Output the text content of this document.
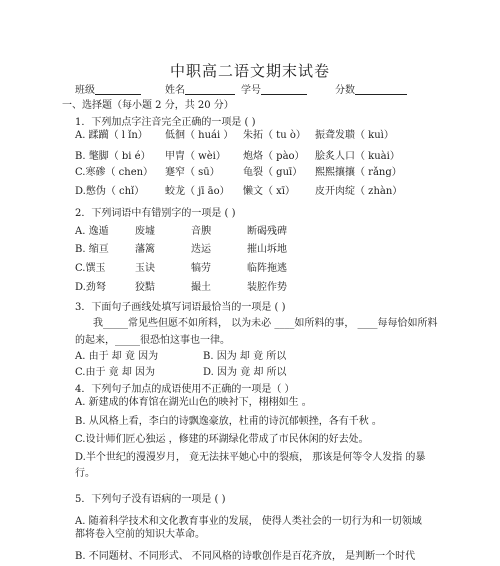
中职高二语文期末试卷
班级	姓名	学号	分数
一、选择题（每小题 2 分，共 20 分）
1．下列加点字注音完全正确的一项是 ( )
A. 蹂躏（ l ǐn）	低徊（ huái ） 朱拓（ tu ò） 振聋发聩（ kuì）
B. 氅脚（ bi é）	甲胄（ wèi）	炮烙（ pào）	脍炙人口（ kuài）
C.寒碜（ chen）	蹇窄（ sū）	龟裂（ guī）	熙熙攘攘（ rǎng）
D.憋伪（ chǐ）	蛟龙（ jī āo）	懒文（ xī）	皮开肉绽（ zhàn）
2．下列词语中有错别字的一项是 ( )
A. 逸遁	废墟	音腴	断碣残碑
B. 缩亘	藩篱	迭运	摧山坼地
C.馔玉	玉诀	犒劳	临阵拖逃
D.劲弩	狡黠	撮土	装腔作势
3．下面句子画线处填写词语最恰当的一项是 ( )
我_____常见些但愿不如所料， 以为未必 ____如所料的事， ____每每恰如所料
的起来，_____很恐怕这事也一律。
A. 由于 却 竟 因为	B. 因为 却 竟 所以
C.由于 竟 却 因为	D. 因为 竟 却 所以
4．下列句子加点的成语使用不正确的一项是（ ）
A. 新建成的体育馆在湖光山色的映衬下，栩栩如生 。
B. 从风格上看，李白的诗飘逸豪放，杜甫的诗沉郁顿挫，各有千秋 。
C.设计师们匠心独运 ，修建的环湖绿化带成了市民休闲的好去处。
D.半个世纪的漫漫岁月， 竟无法抹平她心中的裂痕， 那该是何等令人发指 的暴
行。
5．下列句子没有语病的一项是 ( )
A. 随着科学技术和文化教育事业的发展， 使得人类社会的一切行为和一切领域
都将卷入空前的知识大革命。
B. 不同题材、不同形式、 不同风格的诗歌创作是百花齐放， 是判断一个时代
